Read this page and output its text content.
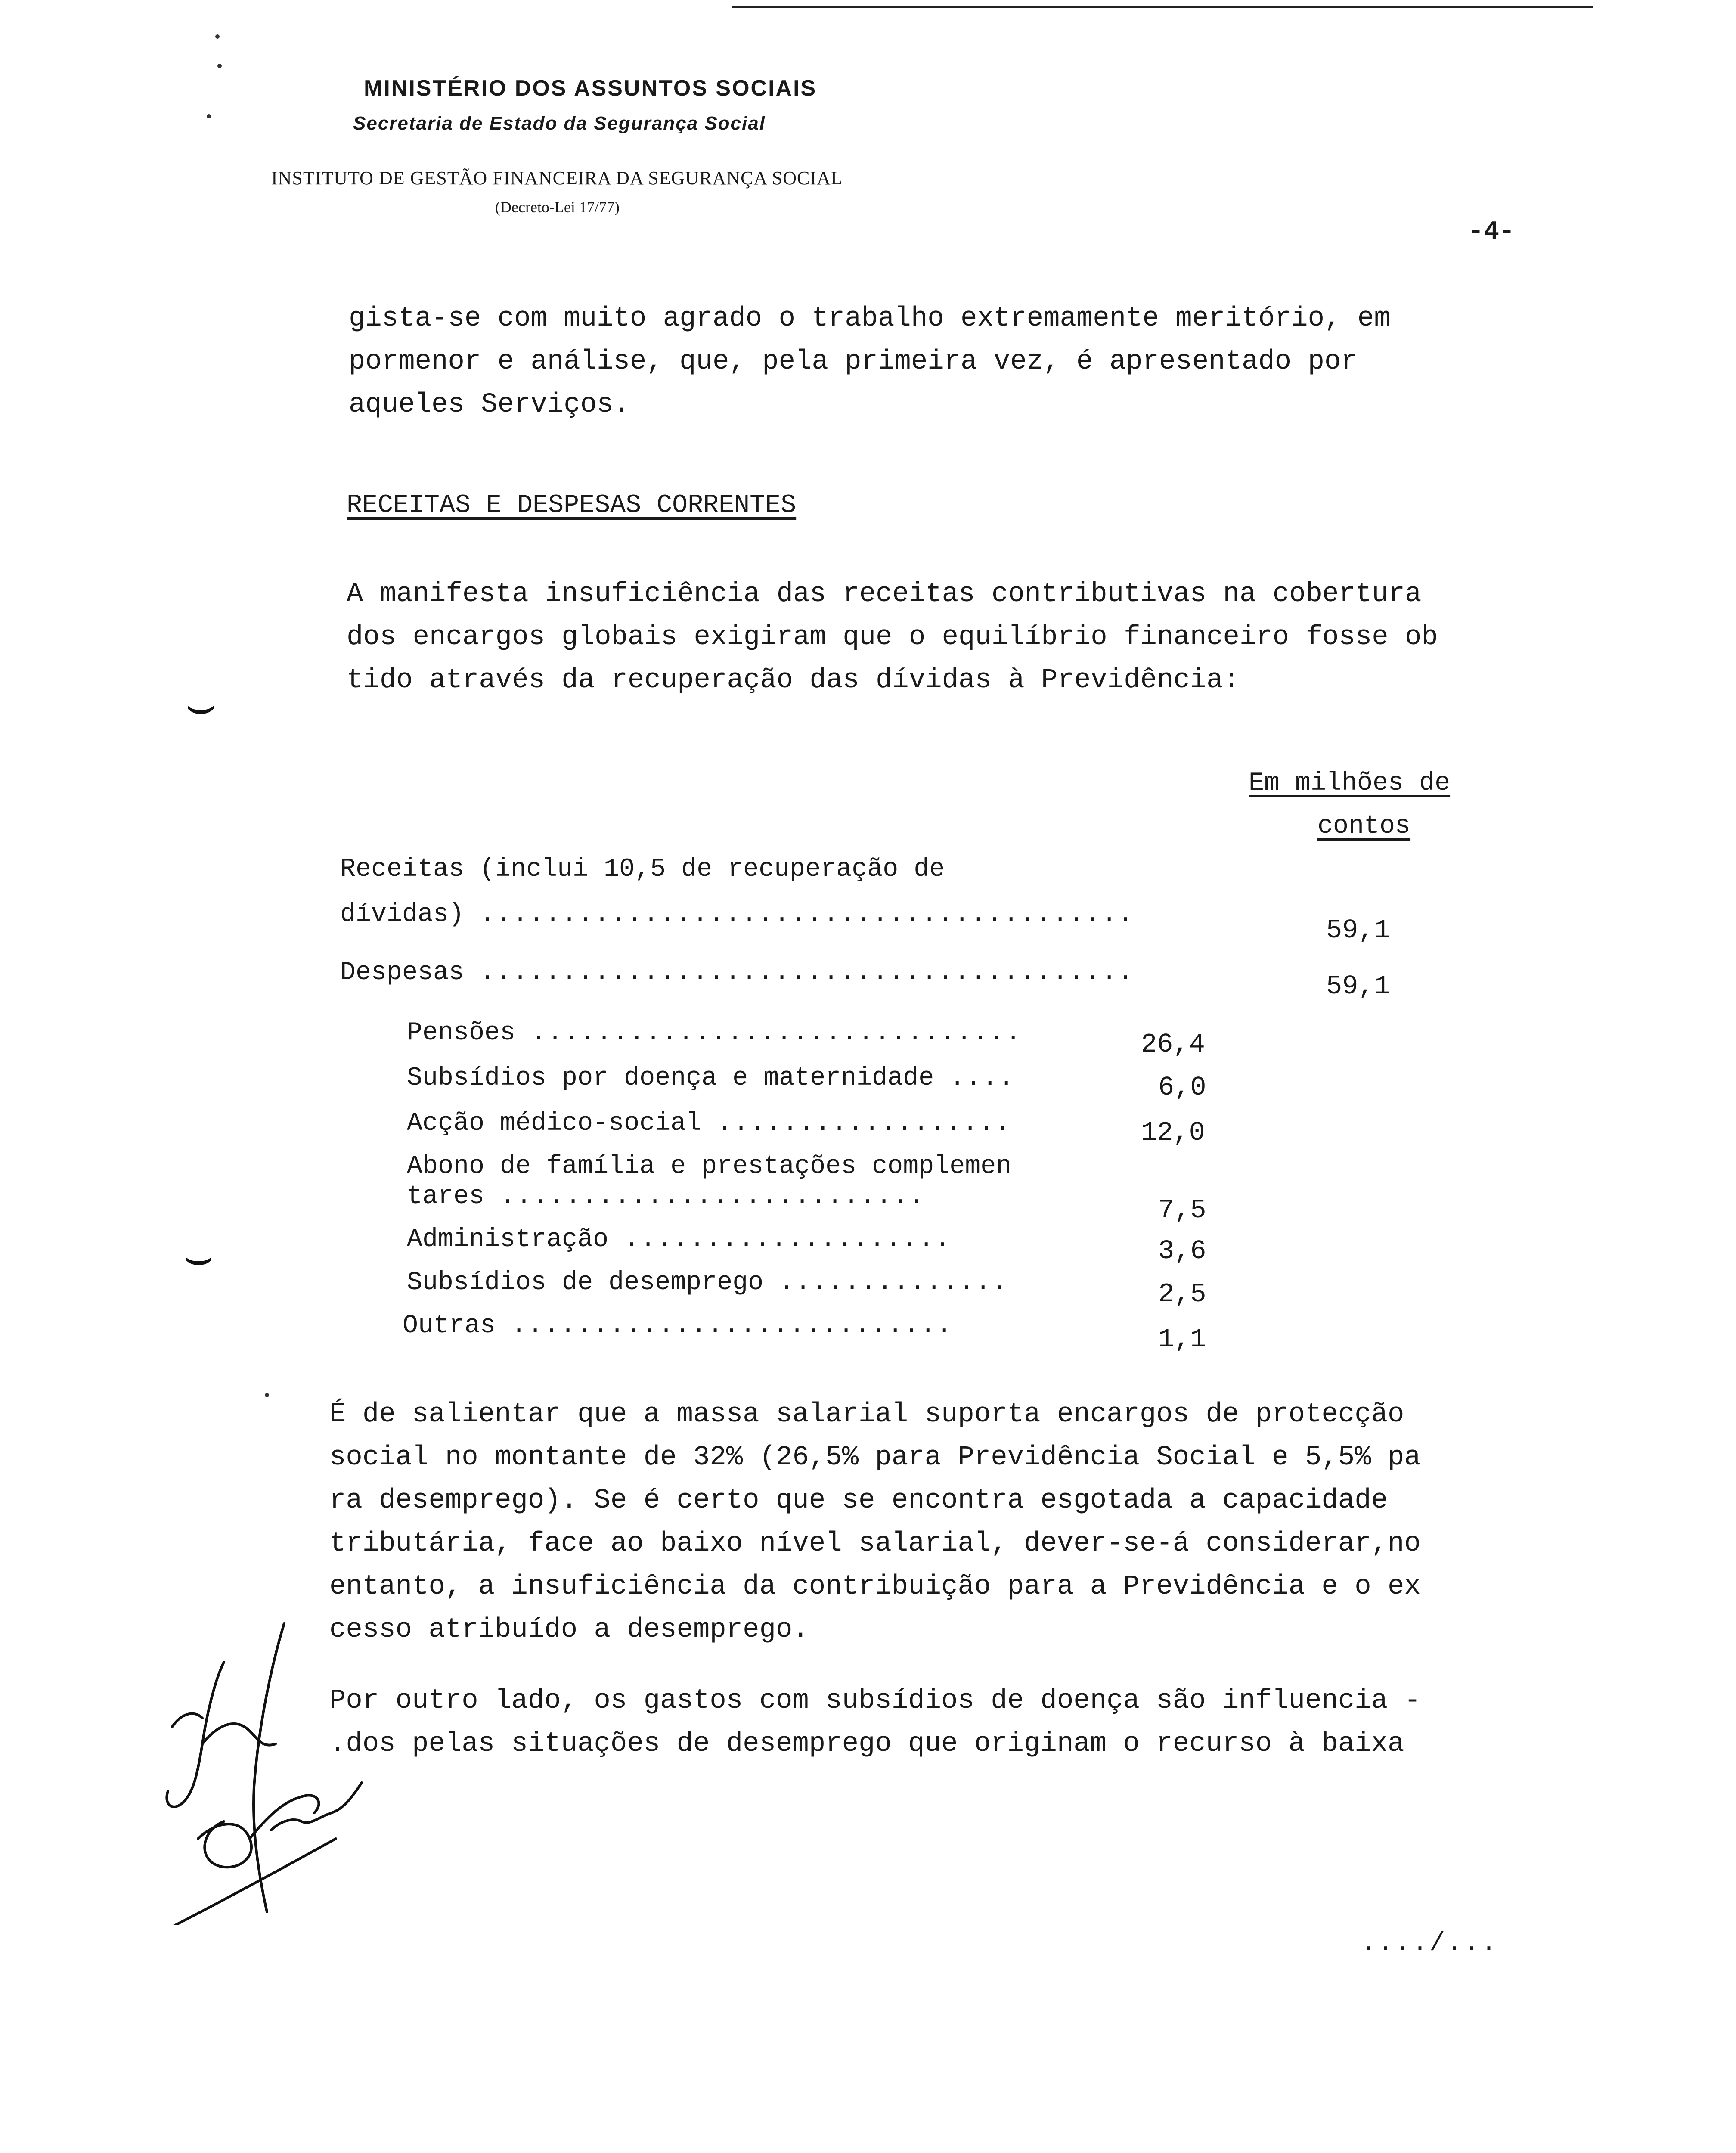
MINISTÉRIO DOS ASSUNTOS SOCIAIS
Secretaria de Estado da Segurança Social
INSTITUTO DE GESTÃO FINANCEIRA DA SEGURANÇA SOCIAL
(Decreto-Lei 17/77)
-4-
gista-se com muito agrado o trabalho extremamente meritório, em
pormenor e análise, que, pela primeira vez, é apresentado por
aqueles Serviços.
RECEITAS E DESPESAS CORRENTES
A manifesta insuficiência das receitas contributivas na cobertura
dos encargos globais exigiram que o equilíbrio financeiro fosse ob
tido através da recuperação das dívidas à Previdência:
⌣
⌣
Em milhões de
contos
Receitas (inclui 10,5 de recuperação de
dívidas) ........................................
59,1
Despesas ........................................	59,1
Pensões ..............................	26,4
Subsídios por doença e maternidade ....	6,0
Acção médico-social ..................	12,0
Abono de família e prestações complemen
tares ..........................	7,5
Administração ....................	3,6
Subsídios de desemprego ..............	2,5
Outras ...........................	1,1
É de salientar que a massa salarial suporta encargos de protecção
social no montante de 32% (26,5% para Previdência Social e 5,5% pa
ra desemprego). Se é certo que se encontra esgotada a capacidade
tributária, face ao baixo nível salarial, dever-se-á considerar,no
entanto, a insuficiência da contribuição para a Previdência e o ex
cesso atribuído a desemprego.
Por outro lado, os gastos com subsídios de doença são influencia -
.dos pelas situações de desemprego que originam o recurso à baixa
..../...
